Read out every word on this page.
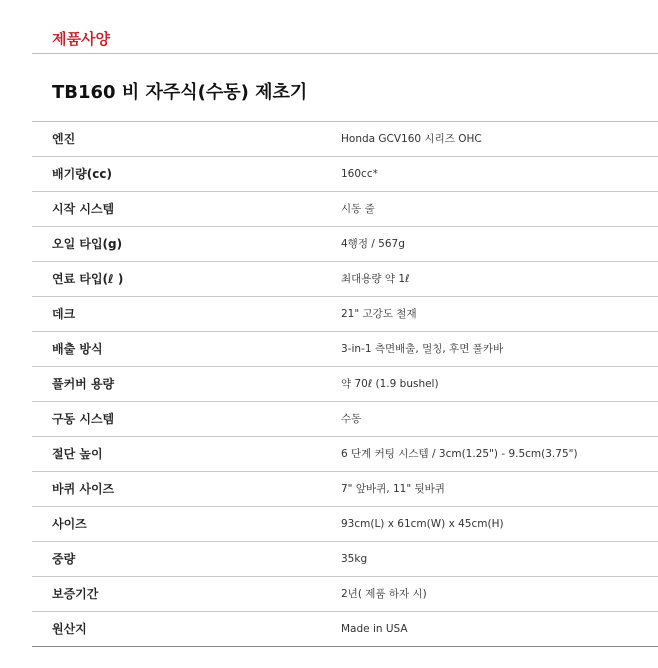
제품사양
TB160 비 자주식(수동) 제초기
엔진	Honda GCV160 시리즈 OHC
배기량(cc)	160cc*
시작 시스템	시동 줄
오일 타입(g)	4행정 / 567g
연료 타입(ℓ )	최대용량 약 1ℓ
데크	21" 고강도 철재
배출 방식	3-in-1 측면배출, 멀칭, 후면 풀카바
풀커버 용량	약 70ℓ (1.9 bushel)
구동 시스템	수동
절단 높이	6 단계 커팅 시스템 / 3cm(1.25") - 9.5cm(3.75")
바퀴 사이즈	7" 앞바퀴, 11" 뒷바퀴
사이즈	93cm(L) x 61cm(W) x 45cm(H)
중량	35kg
보증기간	2년( 제품 하자 시)
원산지	Made in USA
